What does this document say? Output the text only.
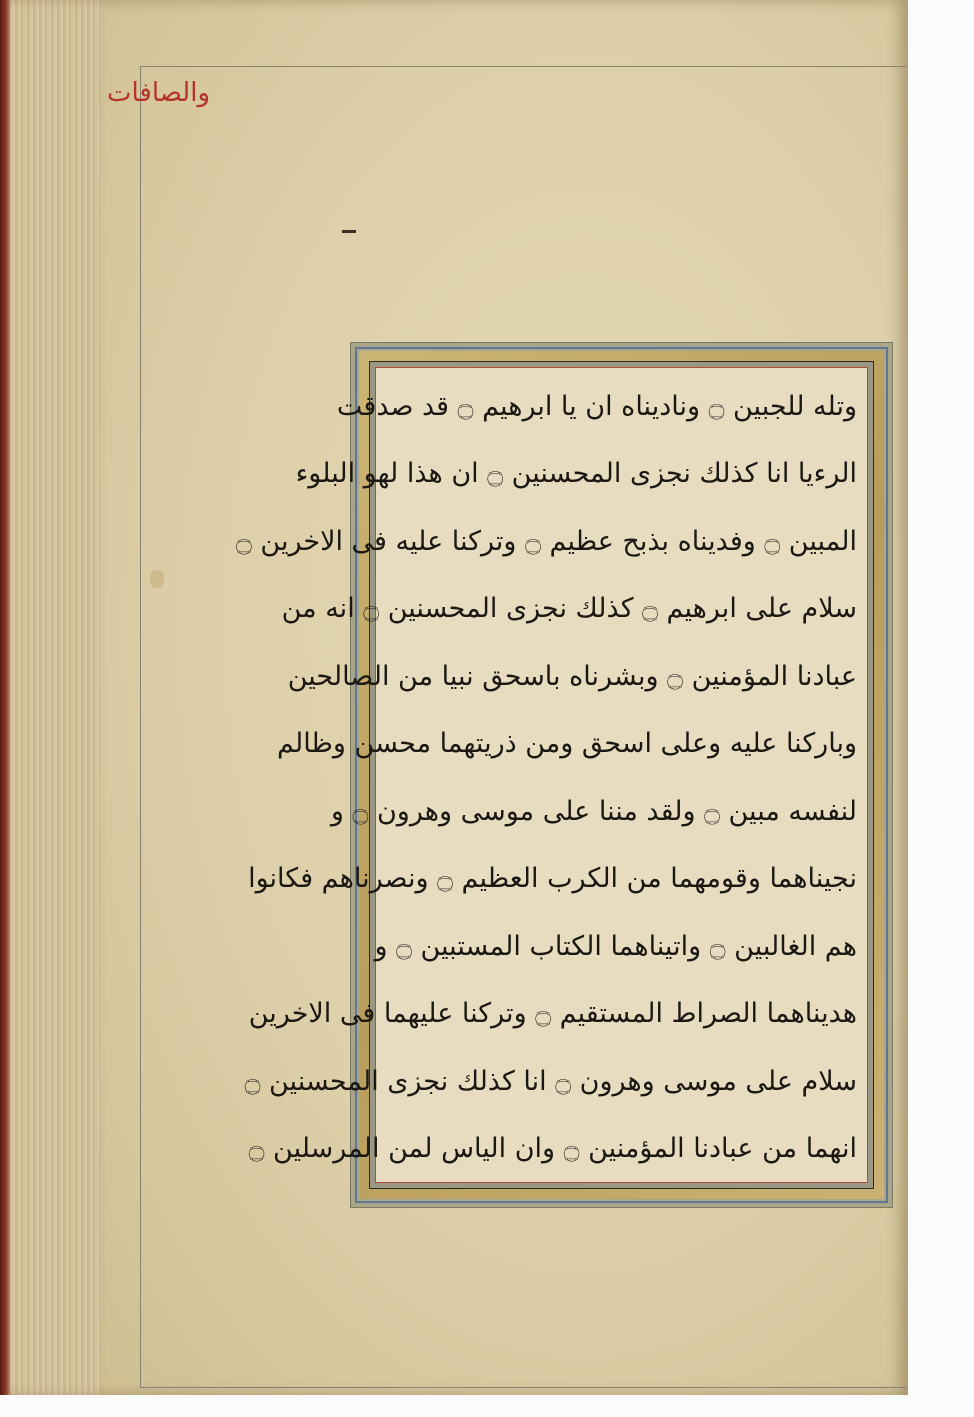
والصافات
وتله للجبين ۝ وناديناه ان يا ابرهيم ۝ قد صدقت
الرءيا انا كذلك نجزى المحسنين ۝ ان هذا لهو البلوء
المبين ۝ وفديناه بذبح عظيم ۝ وتركنا عليه فى الاخرين ۝
سلام على ابرهيم ۝ كذلك نجزى المحسنين ۝ انه من
عبادنا المؤمنين ۝ وبشرناه باسحق نبيا من الصالحين
وباركنا عليه وعلى اسحق ومن ذريتهما محسن وظالم
لنفسه مبين ۝ ولقد مننا على موسى وهرون ۝ و
نجيناهما وقومهما من الكرب العظيم ۝ ونصرناهم فكانوا
هم الغالبين ۝ واتيناهما الكتاب المستبين ۝ و
هديناهما الصراط المستقيم ۝ وتركنا عليهما فى الاخرين
سلام على موسى وهرون ۝ انا كذلك نجزى المحسنين ۝
انهما من عبادنا المؤمنين ۝ وان الياس لمن المرسلين ۝
